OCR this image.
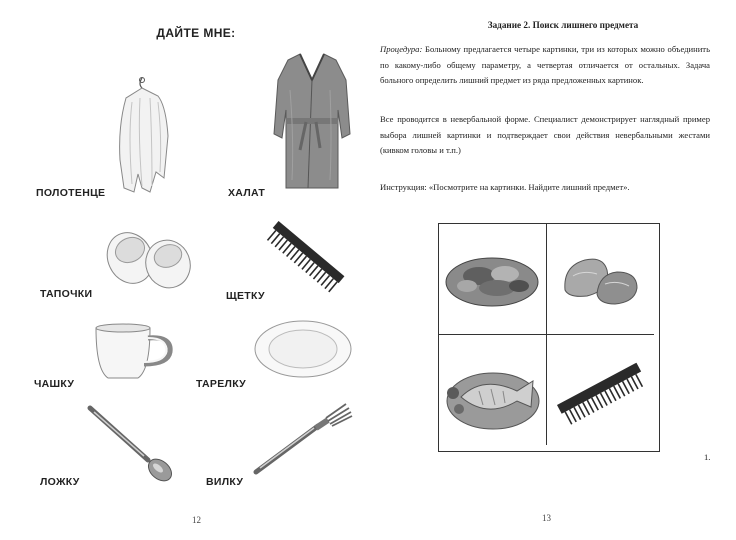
ДАЙТЕ МНЕ:
ПОЛОТЕНЦЕ	ХАЛАТ
ТАПОЧКИ	ЩЕТКУ
ЧАШКУ	ТАРЕЛКУ
ЛОЖКУ	ВИЛКУ
12
Задание 2. Поиск лишнего предмета

Процедура: Больному предлагается четыре картинки, три из которых можно объединить по какому-либо общему параметру, а четвертая отличается от остальных. Задача больного определить лишний предмет из ряда предложенных картинок.

Все проводится в невербальной форме. Специалист демонстрирует наглядный пример выбора лишней картинки и подтверждает свои действия невербальными жестами (кивком головы и т.п.)

Инструкция: «Посмотрите на картинки. Найдите лишний предмет».

1.
13
